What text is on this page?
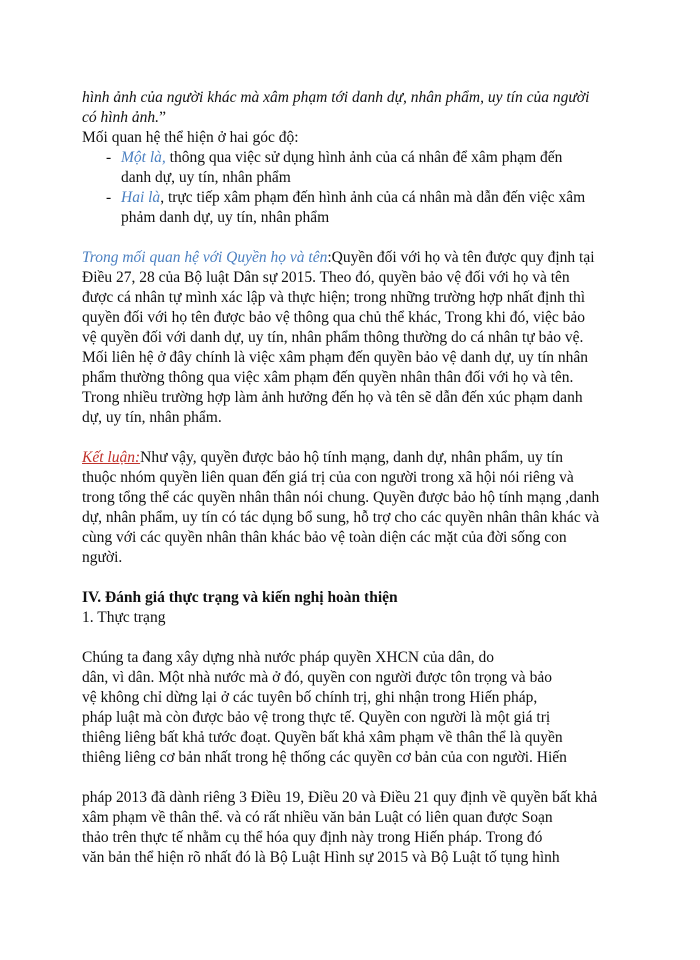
hình ảnh của người khác mà xâm phạm tới danh dự, nhân phẩm, uy tín của người
có hình ảnh.”
Mối quan hệ thể hiện ở hai góc độ:
- Một là, thông qua việc sử dụng hình ảnh của cá nhân để xâm phạm đến
danh dự, uy tín, nhân phẩm
- Hai là, trực tiếp xâm phạm đến hình ảnh của cá nhân mà dẫn đến việc xâm
phảm danh dự, uy tín, nhân phẩm
Trong mối quan hệ với Quyền họ và tên:Quyền đối với họ và tên được quy định tại
Điều 27, 28 của Bộ luật Dân sự 2015. Theo đó, quyền bảo vệ đối với họ và tên
được cá nhân tự mình xác lập và thực hiện; trong những trường hợp nhất định thì
quyền đối với họ tên được bảo vệ thông qua chủ thể khác, Trong khi đó, việc bảo
vệ quyền đối với danh dự, uy tín, nhân phẩm thông thường do cá nhân tự bảo vệ.
Mối liên hệ ở đây chính là việc xâm phạm đến quyền bảo vệ danh dự, uy tín nhân
phẩm thường thông qua việc xâm phạm đến quyền nhân thân đối với họ và tên.
Trong nhiều trường hợp làm ảnh hưởng đến họ và tên sẽ dẫn đến xúc phạm danh
dự, uy tín, nhân phẩm.
Kết luận:Như vậy, quyền được bảo hộ tính mạng, danh dự, nhân phẩm, uy tín
thuộc nhóm quyền liên quan đến giá trị của con người trong xã hội nói riêng và
trong tổng thể các quyền nhân thân nói chung. Quyền được bảo hộ tính mạng ,danh
dự, nhân phẩm, uy tín có tác dụng bổ sung, hỗ trợ cho các quyền nhân thân khác và
cùng với các quyền nhân thân khác bảo vệ toàn diện các mặt của đời sống con
người.
IV. Đánh giá thực trạng và kiến nghị hoàn thiện
1. Thực trạng
Chúng ta đang xây dựng nhà nước pháp quyền XHCN của dân, do
dân, vì dân. Một nhà nước mà ở đó, quyền con người được tôn trọng và bảo
vệ không chỉ dừng lại ở các tuyên bố chính trị, ghi nhận trong Hiến pháp,
pháp luật mà còn được bảo vệ trong thực tế. Quyền con người là một giá trị
thiêng liêng bất khả tước đoạt. Quyền bất khả xâm phạm về thân thể là quyền
thiêng liêng cơ bản nhất trong hệ thống các quyền cơ bản của con người. Hiến
pháp 2013 đã dành riêng 3 Điều 19, Điều 20 và Điều 21 quy định về quyền bất khả
xâm phạm về thân thể. và có rất nhiều văn bản Luật có liên quan được Soạn
thảo trên thực tế nhằm cụ thể hóa quy định này trong Hiến pháp. Trong đó
văn bản thể hiện rõ nhất đó là Bộ Luật Hình sự 2015 và Bộ Luật tố tụng hình
